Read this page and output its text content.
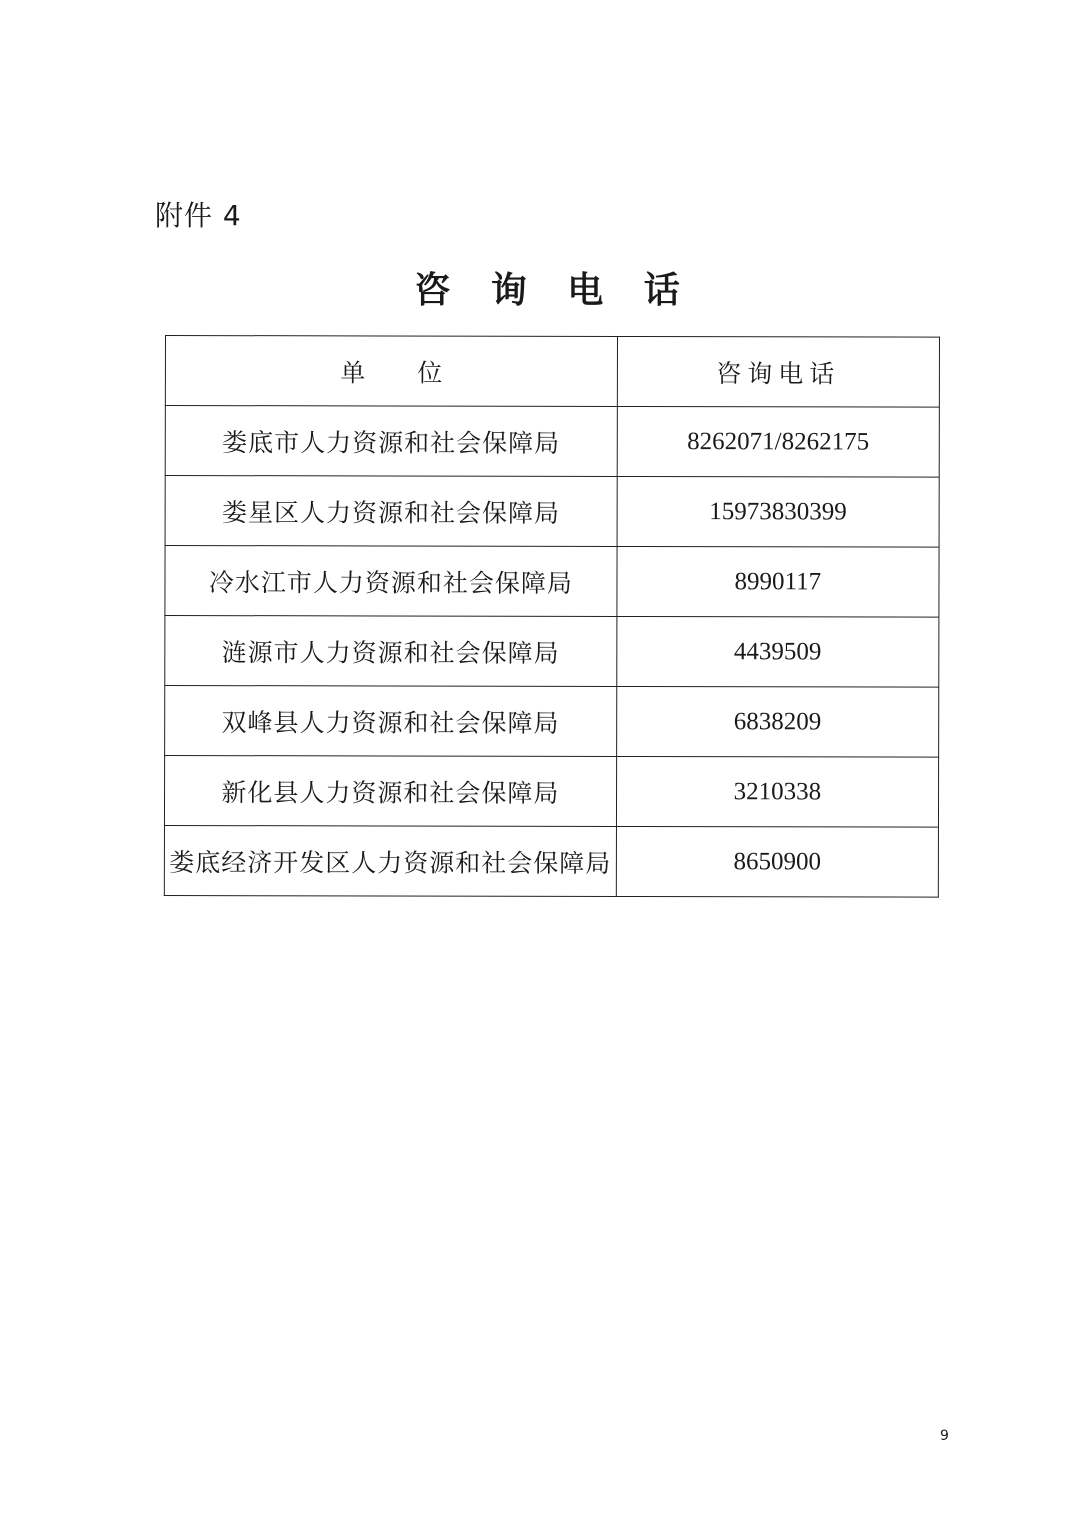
附件 4
咨 询 电 话
单位	咨询电话
娄底市人力资源和社会保障局	8262071/8262175
娄星区人力资源和社会保障局	15973830399
冷水江市人力资源和社会保障局	8990117
涟源市人力资源和社会保障局	4439509
双峰县人力资源和社会保障局	6838209
新化县人力资源和社会保障局	3210338
娄底经济开发区人力资源和社会保障局	8650900
9
